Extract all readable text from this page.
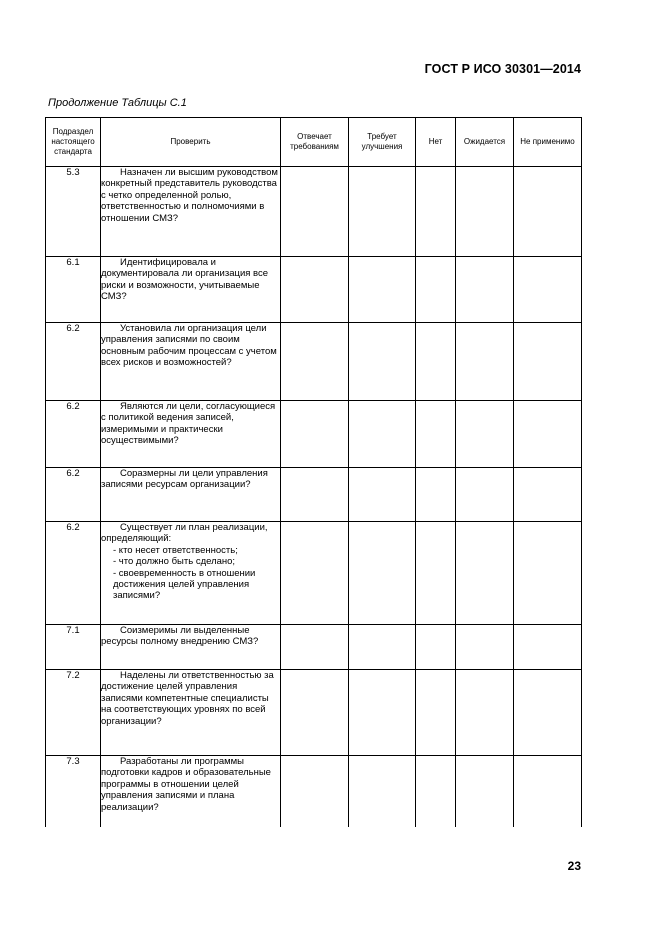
ГОСТ Р ИСО 30301—2014
Продолжение Таблицы С.1
Подраздел настоящего стандарта	Проверить	Отвечает требованиям	Требует улучшения	Нет	Ожидается	Не применимо
5.3	Назначен ли высшим руководством конкретный представитель руководства с четко определенной ролью, ответственностью и полномочиями в отношении СМЗ?					
6.1	Идентифицировала и документировала ли организация все риски и возможности, учитываемые СМЗ?					
6.2	Установила ли организация цели управления записями по своим основным рабочим процессам с учетом всех рисков и возможностей?					
6.2	Являются ли цели, согласующиеся с политикой ведения записей, измеримыми и практически осуществимыми?					
6.2	Соразмерны ли цели управления записями ресурсам организации?					
6.2	Существует ли план реализации, определяющий:
- кто несет ответственность;
- что должно быть сделано;
- своевременность в отношении достижения целей управления записями?					

7.1	Соизмеримы ли выделенные ресурсы полному внедрению СМЗ?					
7.2	Наделены ли ответственностью за достижение целей управления записями компетентные специалисты на соответствующих уровнях по всей организации?					
7.3	Разработаны ли программы подготовки кадров и образовательные программы в отношении целей управления записями и плана реализации?					
23
